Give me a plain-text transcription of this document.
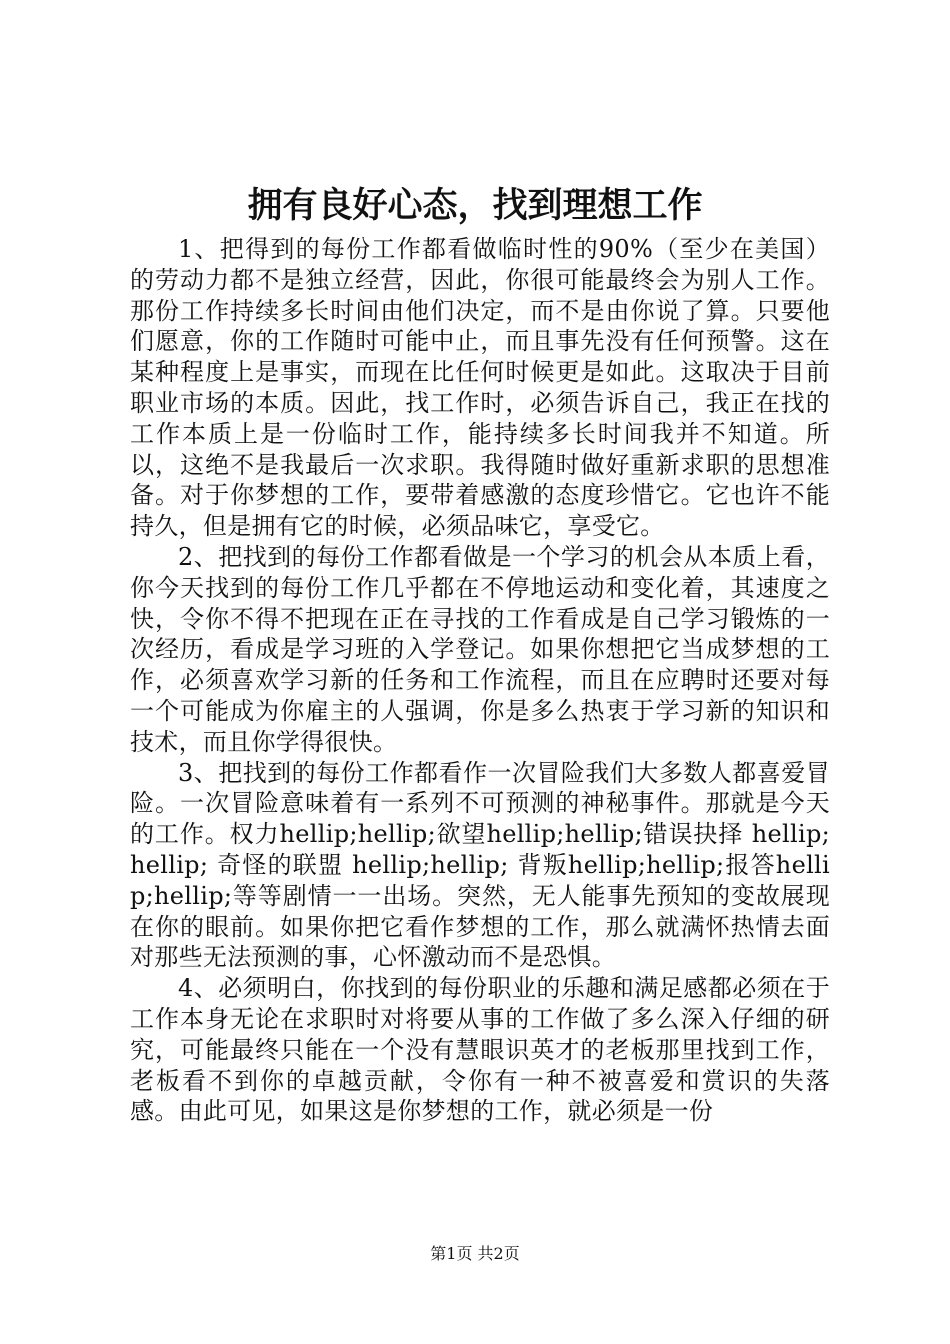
拥有良好心态，找到理想工作

1、把得到的每份工作都看做临时性的90%（至少在美国）的劳动力都不是独立经营，因此，你很可能最终会为别人工作。那份工作持续多长时间由他们决定，而不是由你说了算。只要他们愿意，你的工作随时可能中止，而且事先没有任何预警。这在某种程度上是事实，而现在比任何时候更是如此。这取决于目前职业市场的本质。因此，找工作时，必须告诉自己，我正在找的工作本质上是一份临时工作，能持续多长时间我并不知道。所以，这绝不是我最后一次求职。我得随时做好重新求职的思想准备。对于你梦想的工作，要带着感激的态度珍惜它。它也许不能持久，但是拥有它的时候，必须品味它，享受它。

2、把找到的每份工作都看做是一个学习的机会从本质上看，你今天找到的每份工作几乎都在不停地运动和变化着，其速度之快，令你不得不把现在正在寻找的工作看成是自己学习锻炼的一次经历，看成是学习班的入学登记。如果你想把它当成梦想的工作，必须喜欢学习新的任务和工作流程，而且在应聘时还要对每一个可能成为你雇主的人强调，你是多么热衷于学习新的知识和技术，而且你学得很快。

3、把找到的每份工作都看作一次冒险我们大多数人都喜爱冒险。一次冒险意味着有一系列不可预测的神秘事件。那就是今天的工作。权力hellip;hellip;欲望hellip;hellip;错误抉择 hellip;hellip; 奇怪的联盟 hellip;hellip; 背叛hellip;hellip;报答hellip;hellip;等等剧情一一出场。突然，无人能事先预知的变故展现在你的眼前。如果你把它看作梦想的工作，那么就满怀热情去面对那些无法预测的事，心怀激动而不是恐惧。

4、必须明白，你找到的每份职业的乐趣和满足感都必须在于工作本身无论在求职时对将要从事的工作做了多么深入仔细的研究，可能最终只能在一个没有慧眼识英才的老板那里找到工作，老板看不到你的卓越贡献，令你有一种不被喜爱和赏识的失落感。由此可见，如果这是你梦想的工作，就必须是一份

第1页 共2页
